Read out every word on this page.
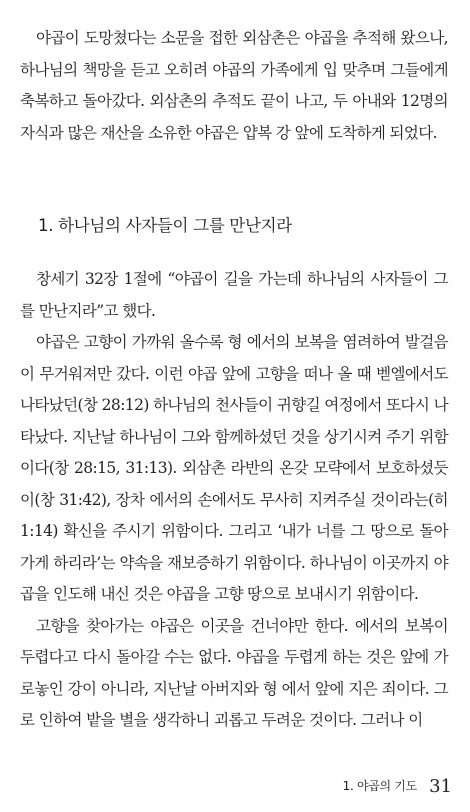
야곱이 도망쳤다는 소문을 접한 외삼촌은 야곱을 추적해 왔으나, 하나님의 책망을 듣고 오히려 야곱의 가족에게 입 맞추며 그들에게 축복하고 돌아갔다. 외삼촌의 추적도 끝이 나고, 두 아내와 12명의 자식과 많은 재산을 소유한 야곱은 얍복 강 앞에 도착하게 되었다.

1. 하나님의 사자들이 그를 만난지라

창세기 32장 1절에 “야곱이 길을 가는데 하나님의 사자들이 그를 만난지라”고 했다.

야곱은 고향이 가까워 올수록 형 에서의 보복을 염려하여 발걸음이 무거워져만 갔다. 이런 야곱 앞에 고향을 떠나 올 때 벧엘에서도 나타났던(창 28:12) 하나님의 천사들이 귀향길 여정에서 또다시 나타났다. 지난날 하나님이 그와 함께하셨던 것을 상기시켜 주기 위함이다(창 28:15, 31:13). 외삼촌 라반의 온갖 모략에서 보호하셨듯이(창 31:42), 장차 에서의 손에서도 무사히 지켜주실 것이라는(히 1:14) 확신을 주시기 위함이다. 그리고 ‘내가 너를 그 땅으로 돌아가게 하리라’는 약속을 재보증하기 위함이다. 하나님이 이곳까지 야곱을 인도해 내신 것은 야곱을 고향 땅으로 보내시기 위함이다.

고향을 찾아가는 야곱은 이곳을 건너야만 한다. 에서의 보복이 두렵다고 다시 돌아갈 수는 없다. 야곱을 두렵게 하는 것은 앞에 가로놓인 강이 아니라, 지난날 아버지와 형 에서 앞에 지은 죄이다. 그로 인하여 밭을 별을 생각하니 괴롭고 두려운 것이다. 그러나 이

1. 야곱의 기도 31
